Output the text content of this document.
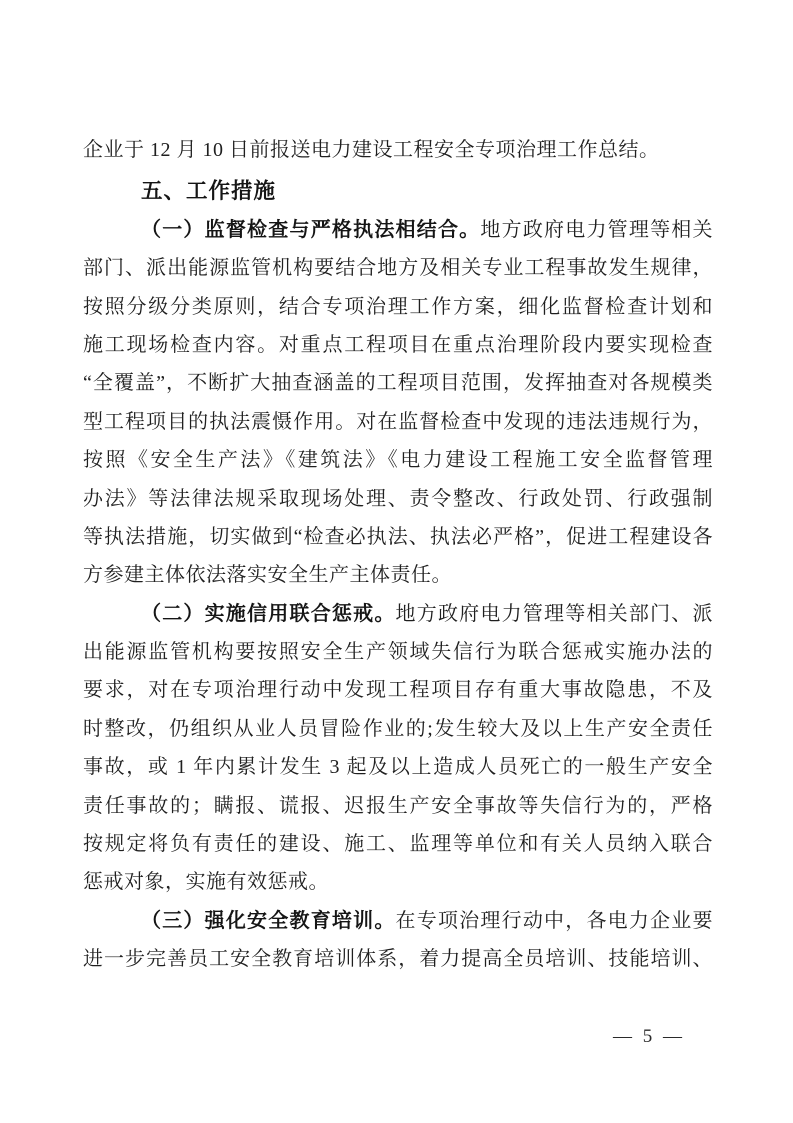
企业于 12 月 10 日前报送电力建设工程安全专项治理工作总结。
五、工作措施
（一）监督检查与严格执法相结合。地方政府电力管理等相关
部门、派出能源监管机构要结合地方及相关专业工程事故发生规律，
按照分级分类原则，结合专项治理工作方案，细化监督检查计划和
施工现场检查内容。对重点工程项目在重点治理阶段内要实现检查
“全覆盖”，不断扩大抽查涵盖的工程项目范围，发挥抽查对各规模类
型工程项目的执法震慑作用。对在监督检查中发现的违法违规行为，
按照《安全生产法》《建筑法》《电力建设工程施工安全监督管理
办法》等法律法规采取现场处理、责令整改、行政处罚、行政强制
等执法措施，切实做到“检查必执法、执法必严格”，促进工程建设各
方参建主体依法落实安全生产主体责任。
（二）实施信用联合惩戒。地方政府电力管理等相关部门、派
出能源监管机构要按照安全生产领域失信行为联合惩戒实施办法的
要求，对在专项治理行动中发现工程项目存有重大事故隐患，不及
时整改，仍组织从业人员冒险作业的;发生较大及以上生产安全责任
事故，或 1 年内累计发生 3 起及以上造成人员死亡的一般生产安全
责任事故的；瞒报、谎报、迟报生产安全事故等失信行为的，严格
按规定将负有责任的建设、施工、监理等单位和有关人员纳入联合
惩戒对象，实施有效惩戒。
（三）强化安全教育培训。在专项治理行动中，各电力企业要
进一步完善员工安全教育培训体系，着力提高全员培训、技能培训、
— 5 —
